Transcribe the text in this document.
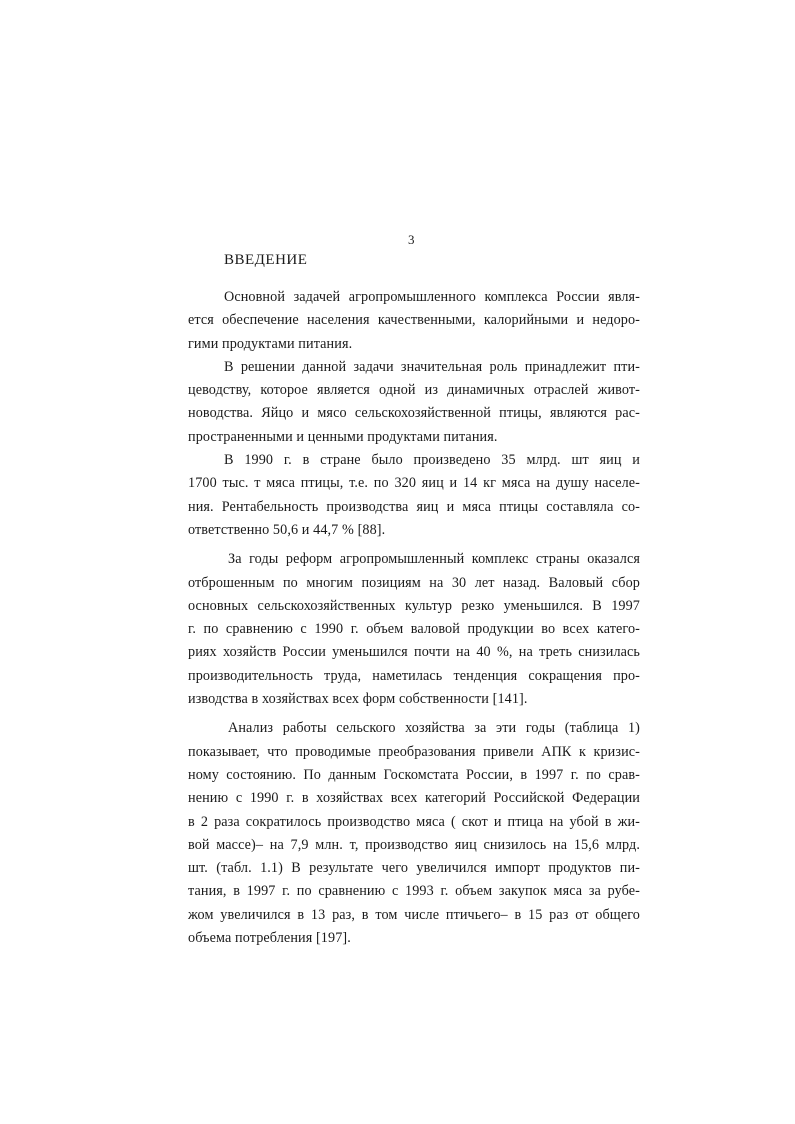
3
ВВЕДЕНИЕ
Основной задачей агропромышленного комплекса России явля-
ется обеспечение населения качественными, калорийными и недоро-
гими продуктами питания.
В решении данной задачи значительная роль принадлежит пти-
цеводству, которое является одной из динамичных отраслей живот-
новодства. Яйцо и мясо сельскохозяйственной птицы, являются рас-
пространенными и ценными продуктами питания.
В 1990 г. в стране было произведено 35 млрд. шт яиц и
1700 тыс. т мяса птицы, т.е. по 320 яиц и 14 кг мяса на душу населе-
ния. Рентабельность производства яиц и мяса птицы составляла со-
ответственно 50,6 и 44,7 % [88].
За годы реформ агропромышленный комплекс страны оказался
отброшенным по многим позициям на 30 лет назад. Валовый сбор
основных сельскохозяйственных культур резко уменьшился. В 1997
г. по сравнению с 1990 г. объем валовой продукции во всех катего-
риях хозяйств России уменьшился почти на 40 %, на треть снизилась
производительность труда, наметилась тенденция сокращения про-
изводства в хозяйствах всех форм собственности [141].
Анализ работы сельского хозяйства за эти годы (таблица 1)
показывает, что проводимые преобразования привели АПК к кризис-
ному состоянию. По данным Госкомстата России, в 1997 г. по срав-
нению с 1990 г. в хозяйствах всех категорий Российской Федерации
в 2 раза сократилось производство мяса ( скот и птица на убой в жи-
вой массе)– на 7,9 млн. т, производство яиц снизилось на 15,6 млрд.
шт. (табл. 1.1) В результате чего увеличился импорт продуктов пи-
тания, в 1997 г. по сравнению с 1993 г. объем закупок мяса за рубе-
жом увеличился в 13 раз, в том числе птичьего– в 15 раз от общего
объема потребления [197].
